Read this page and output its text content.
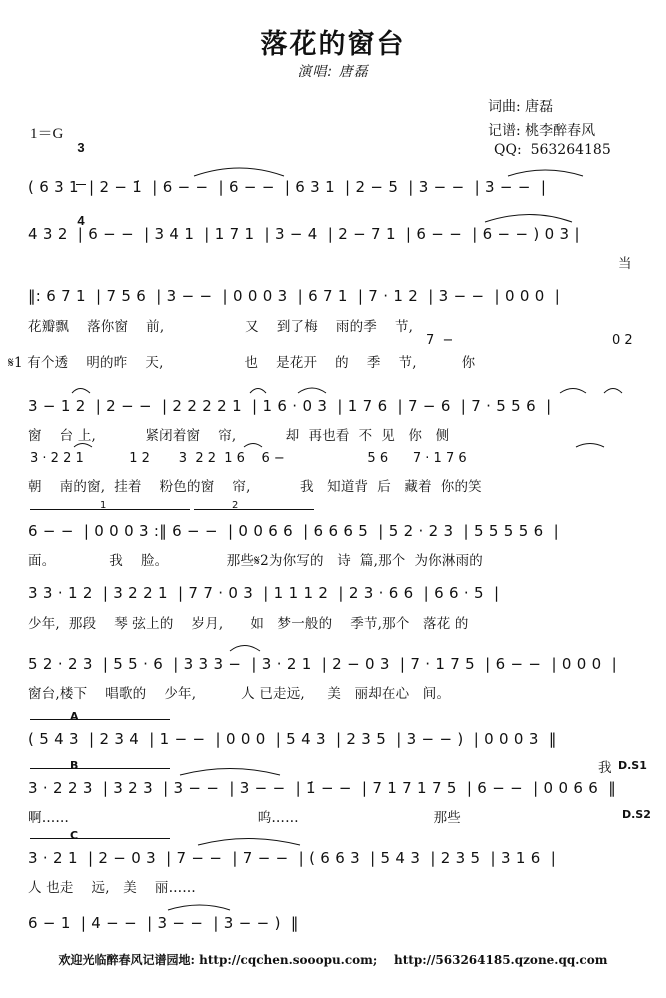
落花的窗台
演唱: 唐磊
词曲: 唐磊
记谱: 桃李醉春风
QQ:  563264185
1＝G

3

4

( 6 3 1  | 2 − 1̇  | 6 − −  | 6 − −  | 6 3 1  | 2 − 5  | 3 − −  | 3 − −  |
4 3 2  | 6 − −  | 3 4 1  | 1 7 1  | 3 − 4  | 2 − 7 1  | 6 − −  | 6 − − ) 0 3 |
当
‖: 6 7 1  | 7 5 6  | 3 − −  | 0 0 0 3  | 6 7 1  | 7 · 1 2  | 3 − −  | 0 0 0  |
花瓣飘    落你窗    前,                  又    到了梅    雨的季    节,
7  −	0 2
𝄋1 有个透    明的昨    天,                  也    是花开    的    季    节,          你
3 − 1 2  | 2 − −  | 2 2 2 2 1  | 1 6 · 0 3  | 1 7 6  | 7 − 6  | 7 · 5 5 6  |
窗    台 上,           紧闭着窗    帘,           却  再也看  不  见   你   侧
3 · 2 2 1           1 2       3  2 2  1 6    6 −                    5 6      7 · 1 7 6
朝    南的窗,  挂着    粉色的窗    帘,           我   知道背  后   藏着  你的笑
6 − −  | 0 0 0 3 :‖ 6 − −  | 0 0 6 6  | 6 6 6 5  | 5 2 · 2 3  | 5 5 5 5 6  |
面。            我    脸。             那些𝄋2为你写的   诗  篇,那个  为你淋雨的
3 3 · 1 2  | 3 2 2 1  | 7 7 · 0 3  | 1 1 1 2  | 2 3 · 6 6  | 6 6 · 5  |
少年,  那段    琴 弦上的    岁月,      如   梦一般的    季节,那个   落花 的
5 2 · 2 3  | 5 5 · 6  | 3 3 3 −  | 3 · 2 1  | 2 − 0 3  | 7 · 1 7 5  | 6 − −  | 0 0 0  |
窗台,楼下    唱歌的    少年,          人 已走远,     美   丽却在心   间。
( 5 4 3  | 2 3 4  | 1 − −  | 0 0 0  | 5 4 3  | 2 3 5  | 3 − − )  | 0 0 0 3  ‖
我 D.S1
3 · 2 2 3  | 3 2 3  | 3 − −  | 3 − −  | 1̇ − −  | 7 1 7 1 7 5  | 6 − −  | 0 0 6 6  ‖
啊……                                          呜……                              那些	D.S2
3 · 2 1  | 2 − 0 3  | 7 − −  | 7 − −  | ( 6 6 3  | 5 4 3  | 2 3 5  | 3 1 6  |
人 也走    远,   美    丽……
6 − 1  | 4 − −  | 3 − −  | 3 − − )  ‖
1	2
A
B
C
欢迎光临醉春风记谱园地: http://cqchen.sooopu.com;    http://563264185.qzone.qq.com
